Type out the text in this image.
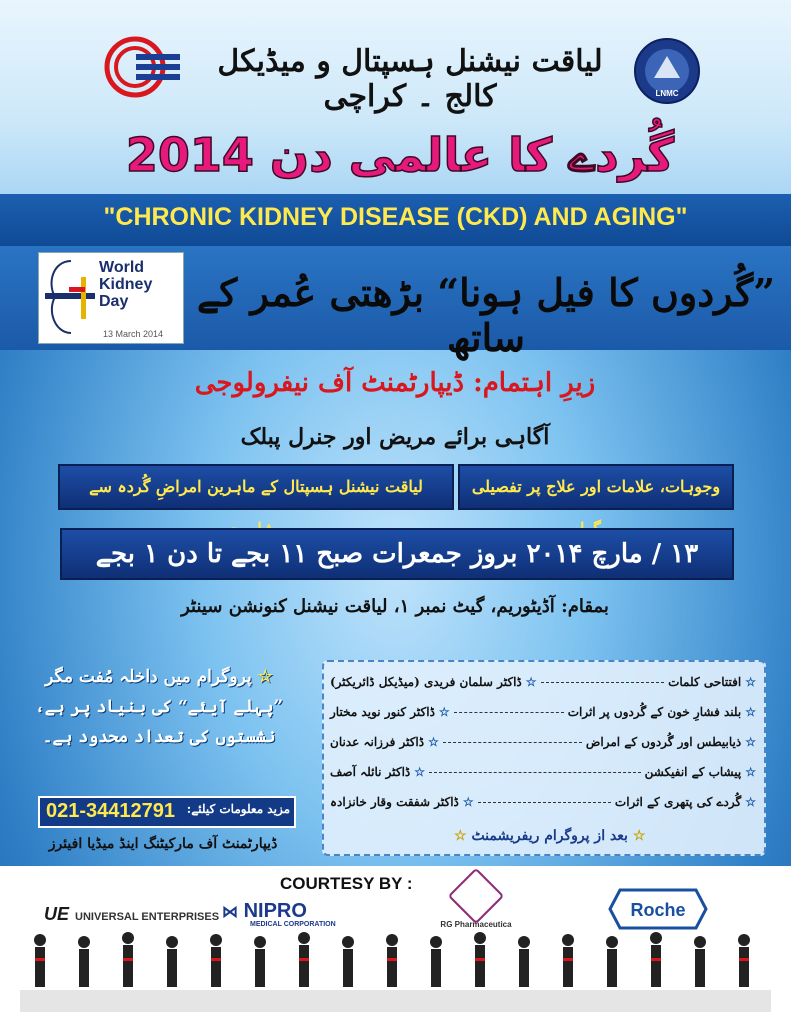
لیاقت نیشنل ہسپتال و میڈیکل کالج ۔ کراچی	LNMC
گُردے کا عالمی دن 2014
"CHRONIC KIDNEY DISEASE (CKD) AND AGING"
World
Kidney
Day
13 March 2014
”گُردوں کا فیل ہونا“ بڑھتی عُمر کے ساتھ
زیرِ اہتمام: ڈیپارٹمنٹ آف نیفرولوجی
آگاہی برائے مریض اور جنرل پبلک
وجوہات، علامات اور علاج پر تفصیلی
لیاقت نیشنل ہسپتال کے ماہرین امراضِ گُردہ سے
۱۳ / مارچ ۲۰۱۴ بروز جمعرات صبح ۱۱ بجے تا دن ۱ بجے
بمقام: آڈیٹوریم، گیٹ نمبر ۱، لیاقت نیشنل کنونشن سینٹر
☆ پروگرام میں داخلہ مُفت مگر
”پہلے آیئے“ کی بنیاد پر ہے،
نشستوں کی تعداد محدود ہے۔
021-34412791 مزید معلومات کیلئے:
ڈیپارٹمنٹ آف مارکیٹنگ اینڈ میڈیا افیئرز
☆
افتتاحی کلمات
☆
ڈاکٹر سلمان فریدی (میڈیکل ڈائریکٹر)
☆
بلند فشارِ خون کے گُردوں پر اثرات
☆
ڈاکٹر کنور نوید مختار
☆
ذیابیطس اور گُردوں کے امراض
☆
ڈاکٹر فرزانہ عدنان
☆
پیشاب کے انفیکشن
☆
ڈاکٹر نائلہ آصف
☆
گُردے کی پتھری کے اثرات
☆
ڈاکٹر شفقت وقار خانزادہ
☆ بعد از پروگرام ریفریشمنٹ ☆
COURTESY BY :
UE UNIVERSAL ENTERPRISES ⋈ NIPRO
MEDICAL CORPORATION	RG Pharmaceutica
Roche
